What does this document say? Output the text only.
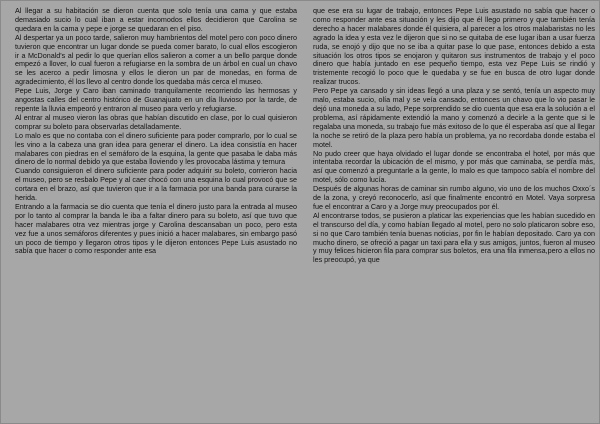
Al llegar a su habitación se dieron cuenta que solo tenía una cama y que estaba demasiado sucio lo cual iban a estar incomodos ellos decidieron que Carolina se quedara en la cama y pepe e jorge se quedaran en el piso.

Al despertar ya un poco tarde, salieron muy hambrientos del motel pero con poco dinero tuvieron que encontrar un lugar donde se pueda comer barato, lo cual ellos escogieron ir a McDonald's al pedir lo que querían ellos salieron a comer a un bello parque donde empezó a llover, lo cual fueron a refugiarse en la sombra de un árbol en cual un chavo se les acerco a pedir limosna y ellos le dieron un par de monedas, en forma de agradecimiento, él los llevo al centro donde los quedaba más cerca el museo.

Pepe Luis, Jorge y Caro iban caminado tranquilamente recorriendo las hermosas y angostas calles del centro histórico de Guanajuato en un día lluvioso por la tarde, de repente la lluvia empeoró y entraron al museo para verlo y refugiarse.

Al entrar al museo vieron las obras que habían discutido en clase, por lo cual quisieron comprar su boleto para observarlas detalladamente.

Lo malo es que no contaba con el dinero suficiente para poder comprarlo, por lo cual se les vino a la cabeza una gran idea para generar el dinero. La idea consistía en hacer malabares con piedras en el semáforo de la esquina, la gente que pasaba le daba más dinero de lo normal debido ya que estaba lloviendo y les provocaba lástima y ternura

Cuando consiguieron el dinero suficiente para poder adquirir su boleto, corrieron hacia el museo, pero se resbalo Pepe y al caer chocó con una esquina lo cual provocó que se cortara en el brazo, así que tuvieron que ir a la farmacia por una banda para curarse la herida.

Entrando a la farmacia se dio cuenta que tenía el dinero justo para la entrada al museo por lo tanto al comprar la banda le iba a faltar dinero para su boleto, así que tuvo que hacer malabares otra vez mientras jorge y Carolina descansaban un poco, pero esta vez fue a unos semáforos diferentes y pues inició a hacer malabares, sin embargo pasó un poco de tiempo y llegaron otros tipos y le dijeron entonces Pepe Luis asustado no sabía que hacer o como responder ante esa

que ese era su lugar de trabajo, entonces Pepe Luis asustado no sabía que hacer o como responder ante esa situación y les dijo que él llego primero y que también tenía derecho a hacer malabares donde él quisiera, al parecer a los otros malabaristas no les agrado la idea y esta vez le dijeron que si no se quitaba de ese lugar iban a usar fuerza ruda, se enojó y dijo que no se iba a quitar pase lo que pase, entonces debido a esta situación los otros tipos se enojaron y quitaron sus instrumentos de trabajo y el poco dinero que había juntado en ese pequeño tiempo, esta vez Pepe Luis se rindió y tristemente recogió lo poco que le quedaba y se fue en busca de otro lugar donde realizar trucos.

Pero Pepe ya cansado y sin ideas llegó a una plaza y se sentó, tenía un aspecto muy malo, estaba sucio, olía mal y se veía cansado, entonces un chavo que lo vio pasar le dejó una moneda a su lado, Pepe sorprendido se dio cuenta que esa era la solución a el problema, así rápidamente extendió la mano y comenzó a decirle a la gente que si le regalaba una moneda, su trabajo fue más exitoso de lo que él esperaba así que al llegar la noche se retiró de la plaza pero había un problema, ya no recordaba donde estaba el motel.

No pudo creer que haya olvidado el lugar donde se encontraba el hotel, por más que intentaba recordar la ubicación de el mismo, y por más que caminaba, se perdía más, así que comenzó a preguntarle a la gente, lo malo es que tampoco sabía el nombre del motel, sólo como lucía.

Después de algunas horas de caminar sin rumbo alguno, vio uno de los muchos Oxxo´s de la zona, y creyó reconocerlo, así que finalmente encontró en Motel. Vaya sorpresa fue el encontrar a Caro y a Jorge muy preocupados por él.

Al encontrarse todos, se pusieron a platicar las experiencias que les habían sucedido en el transcurso del día, y como habían llegado al motel, pero no solo platicaron sobre eso, si no que Caro también tenía buenas noticias, por fin le habían depositado. Caro ya con mucho dinero, se ofreció a pagar un taxi para ella y sus amigos, juntos, fueron al museo y muy felices hicieron fila para comprar sus boletos, era una fila inmensa,pero a ellos no les preocupó, ya que
